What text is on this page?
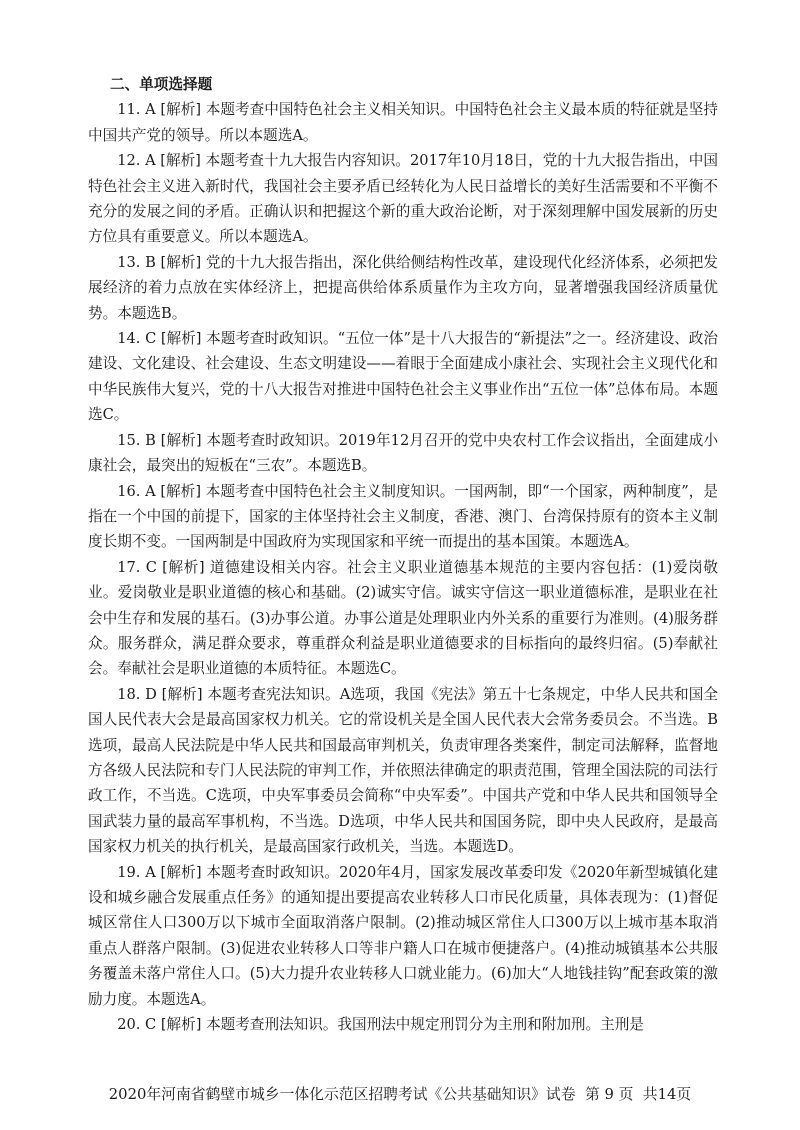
二、单项选择题

11. A [解析] 本题考查中国特色社会主义相关知识。中国特色社会主义最本质的特征就是坚持中国共产党的领导。所以本题选A。

12. A [解析] 本题考查十九大报告内容知识。2017年10月18日，党的十九大报告指出，中国特色社会主义进入新时代，我国社会主要矛盾已经转化为人民日益增长的美好生活需要和不平衡不充分的发展之间的矛盾。正确认识和把握这个新的重大政治论断，对于深刻理解中国发展新的历史方位具有重要意义。所以本题选A。

13. B [解析] 党的十九大报告指出，深化供给侧结构性改革，建设现代化经济体系，必须把发展经济的着力点放在实体经济上，把提高供给体系质量作为主攻方向，显著增强我国经济质量优势。本题选B。

14. C [解析] 本题考查时政知识。“五位一体”是十八大报告的“新提法”之一。经济建设、政治建设、文化建设、社会建设、生态文明建设——着眼于全面建成小康社会、实现社会主义现代化和中华民族伟大复兴，党的十八大报告对推进中国特色社会主义事业作出“五位一体”总体布局。本题选C。

15. B [解析] 本题考查时政知识。2019年12月召开的党中央农村工作会议指出，全面建成小康社会，最突出的短板在“三农”。本题选B。

16. A [解析] 本题考查中国特色社会主义制度知识。一国两制，即“一个国家，两种制度”，是指在一个中国的前提下，国家的主体坚持社会主义制度，香港、澳门、台湾保持原有的资本主义制度长期不变。一国两制是中国政府为实现国家和平统一而提出的基本国策。本题选A。

17. C [解析] 道德建设相关内容。社会主义职业道德基本规范的主要内容包括：(1)爱岗敬业。爱岗敬业是职业道德的核心和基础。(2)诚实守信。诚实守信这一职业道德标准，是职业在社会中生存和发展的基石。(3)办事公道。办事公道是处理职业内外关系的重要行为准则。(4)服务群众。服务群众，满足群众要求，尊重群众利益是职业道德要求的目标指向的最终归宿。(5)奉献社会。奉献社会是职业道德的本质特征。本题选C。

18. D [解析] 本题考查宪法知识。A选项，我国《宪法》第五十七条规定，中华人民共和国全国人民代表大会是最高国家权力机关。它的常设机关是全国人民代表大会常务委员会。不当选。B选项，最高人民法院是中华人民共和国最高审判机关，负责审理各类案件，制定司法解释，监督地方各级人民法院和专门人民法院的审判工作，并依照法律确定的职责范围，管理全国法院的司法行政工作，不当选。C选项，中央军事委员会简称“中央军委”。中国共产党和中华人民共和国领导全国武装力量的最高军事机构，不当选。D选项，中华人民共和国国务院，即中央人民政府，是最高国家权力机关的执行机关，是最高国家行政机关，当选。本题选D。

19. A [解析] 本题考查时政知识。2020年4月，国家发展改革委印发《2020年新型城镇化建设和城乡融合发展重点任务》的通知提出要提高农业转移人口市民化质量，具体表现为：(1)督促城区常住人口300万以下城市全面取消落户限制。(2)推动城区常住人口300万以上城市基本取消重点人群落户限制。(3)促进农业转移人口等非户籍人口在城市便捷落户。(4)推动城镇基本公共服务覆盖未落户常住人口。(5)大力提升农业转移人口就业能力。(6)加大“人地钱挂钩”配套政策的激励力度。本题选A。

20. C [解析] 本题考查刑法知识。我国刑法中规定刑罚分为主刑和附加刑。主刑是

2020年河南省鹤壁市城乡一体化示范区招聘考试《公共基础知识》试卷 第 9 页 共14页
